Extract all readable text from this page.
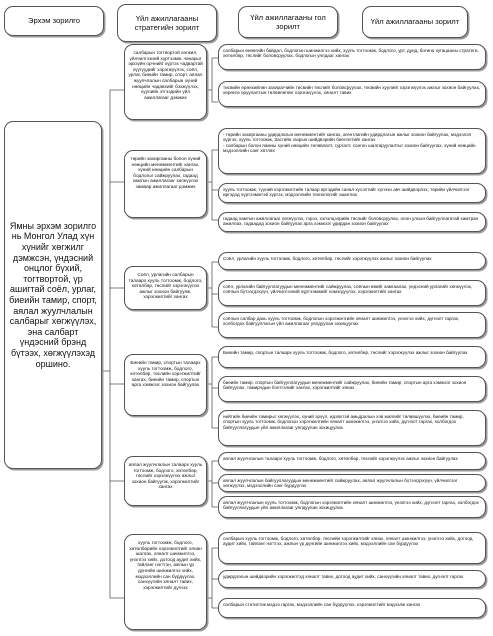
Эрхэм зорилго	Үйл ажиллагааны стратегийн зорилт
Үйл ажиллагааны гол зорилт
Үйл ажиллагааны зорилт
Ямны эрхэм зорилго нь Монгол Улад хүн хүнийг хөгжилг дэмжсэн, үндэсний онцлог бүхий, тогтвортой, үр ашигтай соёл, урлаг, биеийн тамир, спорт, аялал жуулчлалын салбарыг хөгжүүлэх, эна салбарт үндэсний брэнд бүтээх, хөгжүүлэхэд оршино.
салбарын тогтвортой хөгжил, үйлчилгээний хүртээмж, чанарыг эрхзүйн орчнийг хүртэх чадвартай хүүгүүдийг хэрэгжүүлэх, соёл, урлаг, биеийн тамир, спорт, аялал жуулчлалын салбарын хүний нөөцийн чадавхийг бэхжүүлэх, хуулийн этгээдийн үйл ажиллагааг дэмжих
төрийн захиргааны болон хүний нөөцийн менежментийг хангах, хүний нөөцийн салбарын бодлогыг сайжруулах, гадаад хамтын ажиллагааг хөгжүүлэх замаар ажиллагааг дэмжих
Соёл, урлагийн салбарын талаарх хууль тогтоомж, бодлого, хөтөлбөр, төслийг хэрэгжүүлэх ажлыг зохион байгуулж, хэрэгжилтийг хангах
Биеийн тамир, спортын талаарх хууль тогтоомж, бодлого, хөтөлбөр, төслийн хэрэгжилтийг хангах, биеийн тамир, спортын арга хэмжээг зохион байгуулах
аялал жуулчлалын талаарх хууль тогтоомж, бодлого, хөтөлбөр, төслийг хэрэгжүүлэх ажлыг зохион байгуулж, хэрэгжилтийг хангах
хууль тогтоомж, бодлого, хөтөлбөрийн хэрэгжилтийг хянан шалгах, хяналт шинжилгээ, үнэлгээ хийх, дотоод аудит хийх, тайланг нэгтгэн, ажлын үр дүнгийн шинжилгээ хийх, мэдээллийн сан бүрдүүлэх, санхүүгийн хяналт тавих, хэрэгжилтийг дүгнэх
салбарын өнөөгийн байдал, бодлогын шинжилгээ хийх, хууль тогтоомж, бодлого, урт, дунд, богино хугацааны стратеги, хөтөлбөр, төслийг боловсруулах, бодлогын уялдааг хангах
төсвийн ерөнхийлөн захирагчийн төсвийн төслийг боловсруулах, төсвийн хуулийг хэрэгжүүлэх ажлыг зохион байгуулах, хөрөнгө оруулалтын төлөвлөгөөг хэрэгжүүлэх, хяналт тавих
- төрийн захиргааны удирдлагын менежментийг хангах, агентлагийн удирдлагын ажлыг зохион байгуулах, мэдээлэл хүргэх, хууль тогтоомж, Засгийн газрын шийдвэрийн биелэлтийг хангах
- салбарын болон яамны хүний нөөцийн төлөвлөлт, сургалт, сонгон шалгаруулалтыг зохион байгуулах, хүний нөөцийн мэдээллийн санг хөтлөх
хууль тогтоомж, түүний хэрэгжилтийн талаар иргэдийн санал хүсэлтийг хүлээн авч шийдвэрлэх, төрийн үйлчилгээг иргэдэд хүртээмжтэй хүргэх, мэдээллийн технологийг ашиглах
гадаад хамтын ажиллагааг хөгжүүлэх, гэрээ, хэлэлцээрийн төслийг боловсруулах, олон улсын байгууллагатай хамтран ажиллах, гадаадад зохион байгуулах арга хэмжээг удирдан зохион байгуулах
Соёл, урлагийн хууль тогтоомж, бодлого, хөтөлбөр, төслийг хэрэгжүүлэх ажлыг зохион байгуулах
соёл, урлагийн байгууллагуудын менежментийг сайжруулах, соёлын өвийг хамгаалах, үндэсний урлагийг хөгжүүлэх, соёлын бүтээгдэхүүн, үйлчилгээний хүртээмжийг нэмэгдүүлэх, хэрэгжилтийг хангах
соёлын салбар дахь хууль тогтоомж, бодлогын хэрэгжилтийн хяналт шинжилгээ, үнэлгээ хийх, дүгнэлт гаргах, холбогдох байгууллагын үйл ажиллагааг уялдуулан зохицуулах
Биеийн тамир, спортын талаарх хууль тогтоомж, бодлого, хөтөлбөр, төслийг хэрэгжүүлэх ажлыг зохион байгуулах
биеийн тамир, спортын байгууллагуудын менежментийг сайжруулах, биеийн тамир, спортын арга хэмжээг зохион байгуулах, тамирчдын бэлтгэлийг хангах, хэрэгжилтийг хянах
нийтийн биеийн тамирыг хөгжүүлэх, хүний эрүүл, идэвхтэй амьдралын хэв маягийг төлөвшүүлэх, биеийн тамир, спортын хууль тогтоомж, бодлогын хэрэгжилтийн хяналт шинжилгээ, үнэлгээ хийх, дүгнэлт гаргах, холбогдох байгууллагуудын үйл ажиллагааг уялдуулан зохицуулах
аялал жуулчлалын талаарх хууль тогтоомж, бодлого, хөтөлбөр, төслийг хэрэгжүүлэх ажлыг зохион байгуулах
аялал жуулчлалын байгууллагуудын менежментийг сайжруулах, аялал жуулчлалын бүтээгдэхүүн, үйлчилгээг хөгжүүлэх, мэдээллийн санг бүрдүүлэх
аялал жуулчлалын хууль тогтоомж, бодлогын хэрэгжилтийн хяналт шинжилгээ, үнэлгээ хийх, дүгнэлт гаргах, холбогдох байгууллагуудын үйл ажиллагааг уялдуулан зохицуулах
салбарын хууль тогтоомж, бодлого, хөтөлбөр, төслийн хэрэгжилтийг хянах, хяналт шинжилгээ, үнэлгээ хийх, дотоод аудит хийх, тайланг нэгтгэх, ажлын үр дүнгийн шинжилгээ хийх, мэдээллийн сан бүрдүүлэх
удирдлагын шийдвэрийн хэрэгжилтэд хяналт тавих, дотоод аудит хийх, санхүүгийн хяналт тавих, дүгнэлт гаргах
салбарын статистик мэдээ гаргах, мэдээллийн сан бүрдүүлэх, хэрэгжилтийг мэдээлж хангах
